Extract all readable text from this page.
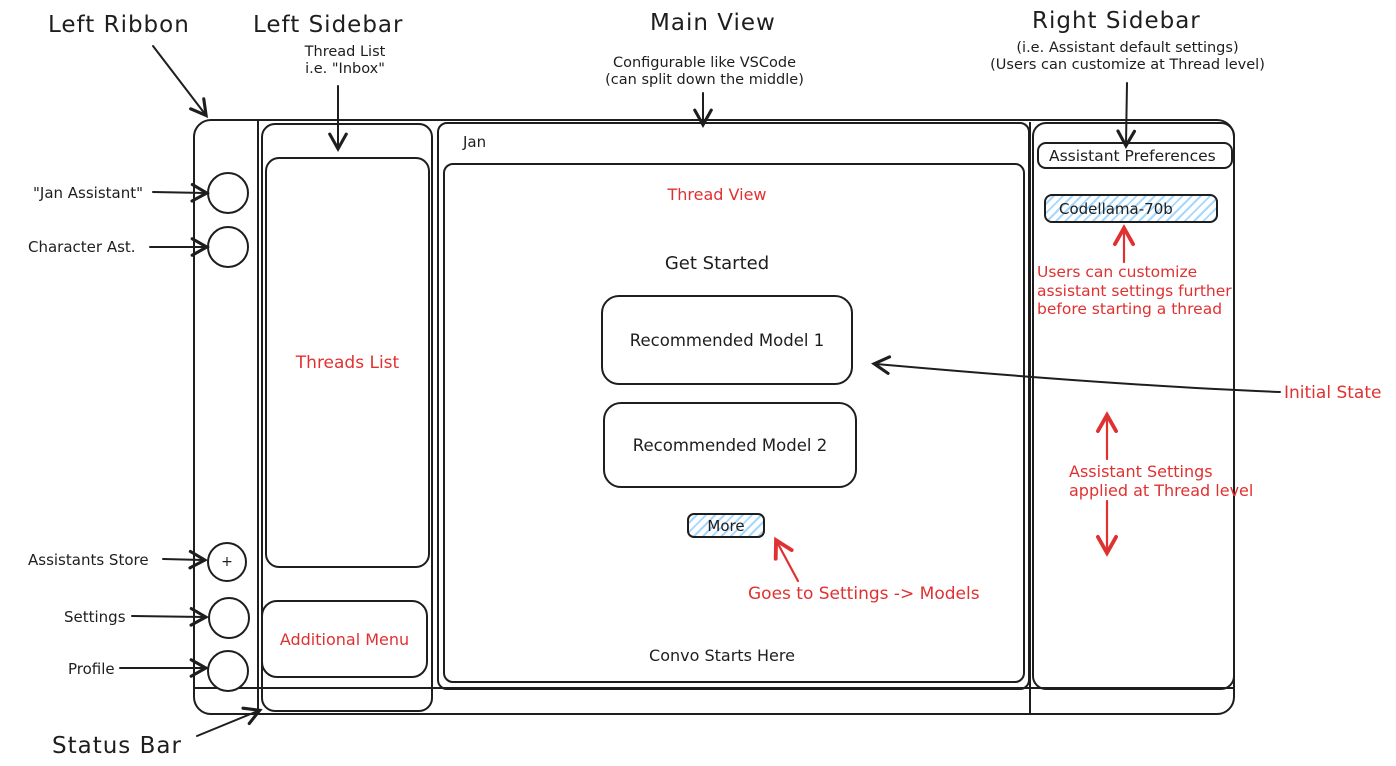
Left Ribbon	Left Sidebar
Thread List
i.e. "Inbox"
Main View
Configurable like VSCode
(can split down the middle)
Right Sidebar
(i.e. Assistant default settings)
(Users can customize at Thread level)
"Jan Assistant"
Character Ast.
Assistants Store
Settings
Profile
Status Bar
Initial State
+
Threads List
Additional Menu
Jan
Thread View
Get Started
Recommended Model 1
Recommended Model 2
More
Goes to Settings -> Models
Convo Starts Here
Assistant Preferences
Codellama-70b
Users can customize
assistant settings further
before starting a thread
Assistant Settings
applied at Thread level
